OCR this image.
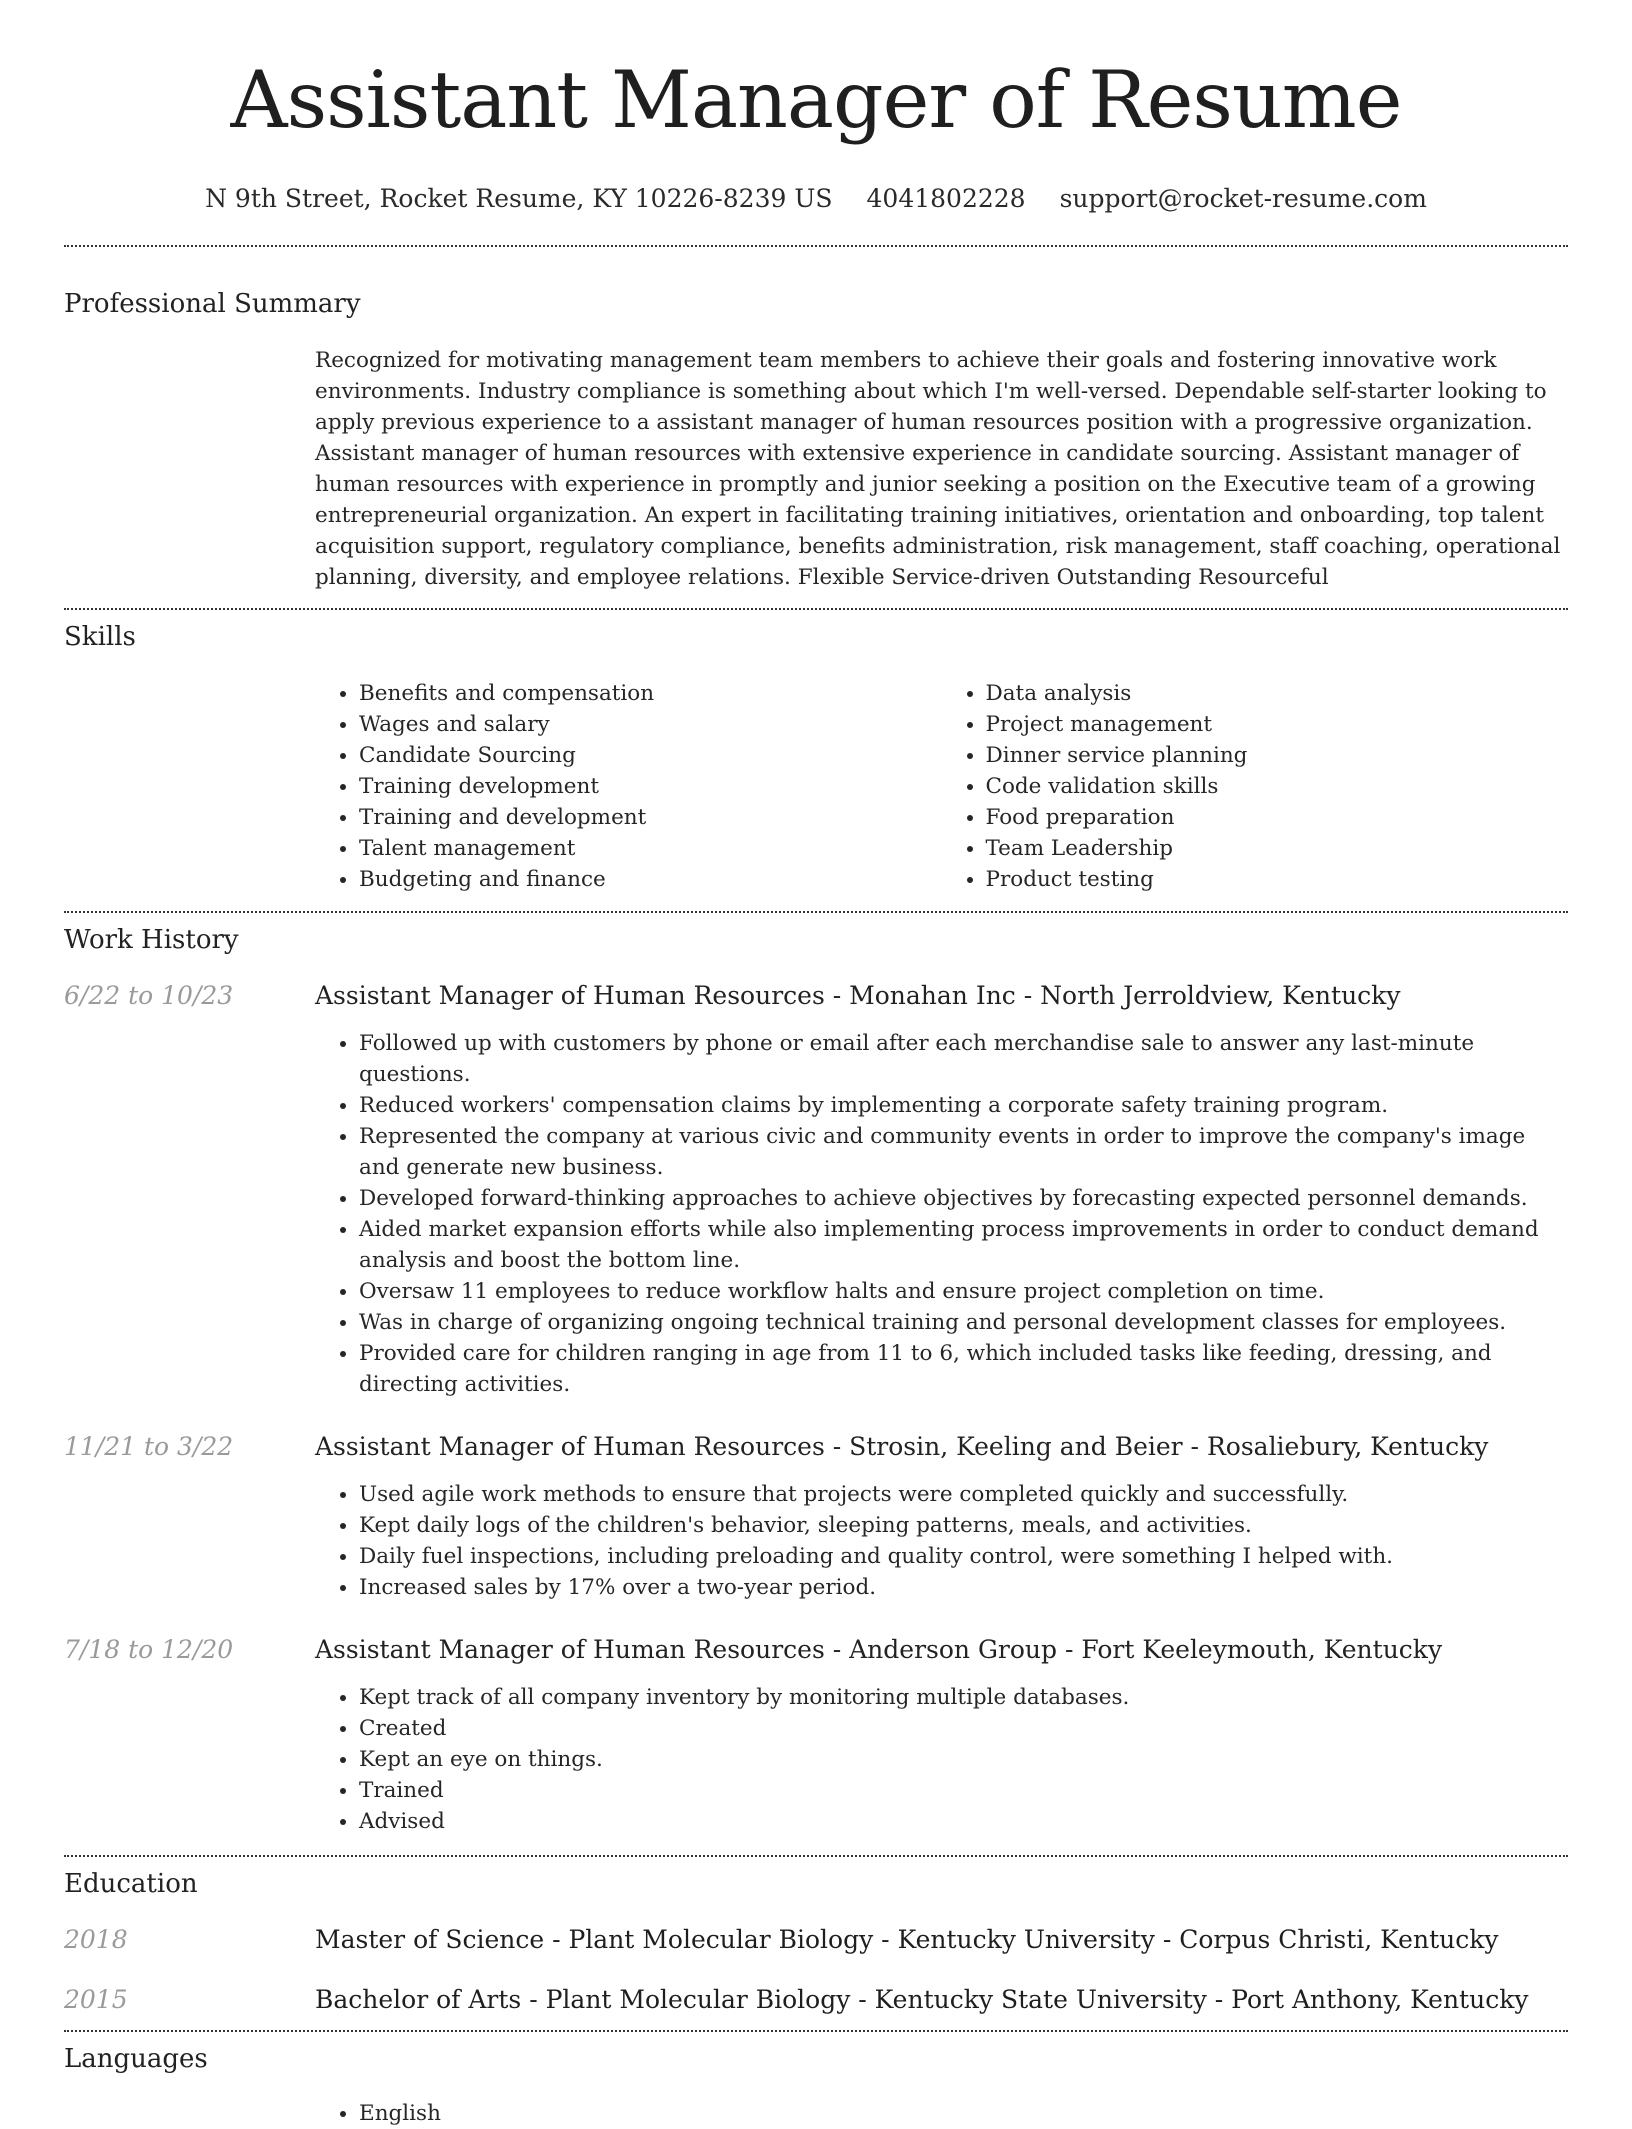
Assistant Manager of Resume
N 9th Street, Rocket Resume, KY 10226-8239 US 4041802228 support@rocket-resume.com
Professional Summary

Recognized for motivating management team members to achieve their goals and fostering innovative work environments. Industry compliance is something about which I'm well-versed. Dependable self-starter looking to apply previous experience to a assistant manager of human resources position with a progressive organization. Assistant manager of human resources with extensive experience in candidate sourcing. Assistant manager of human resources with experience in promptly and junior seeking a position on the Executive team of a growing entrepreneurial organization. An expert in facilitating training initiatives, orientation and onboarding, top talent acquisition support, regulatory compliance, benefits administration, risk management, staff coaching, operational planning, diversity, and employee relations. Flexible Service-driven Outstanding Resourceful

Skills
• Benefits and compensation
• Wages and salary
• Candidate Sourcing
• Training development
• Training and development
• Talent management
• Budgeting and finance
• Data analysis
• Project management
• Dinner service planning
• Code validation skills
• Food preparation
• Team Leadership
• Product testing
Work History
6/22 to 10/23	Assistant Manager of Human Resources - Monahan Inc - North Jerroldview, Kentucky
• Followed up with customers by phone or email after each merchandise sale to answer any last-minute questions.
• Reduced workers' compensation claims by implementing a corporate safety training program.
• Represented the company at various civic and community events in order to improve the company's image and generate new business.
• Developed forward-thinking approaches to achieve objectives by forecasting expected personnel demands.
• Aided market expansion efforts while also implementing process improvements in order to conduct demand analysis and boost the bottom line.
• Oversaw 11 employees to reduce workflow halts and ensure project completion on time.
• Was in charge of organizing ongoing technical training and personal development classes for employees.
• Provided care for children ranging in age from 11 to 6, which included tasks like feeding, dressing, and directing activities.
11/21 to 3/22	Assistant Manager of Human Resources - Strosin, Keeling and Beier - Rosaliebury, Kentucky
• Used agile work methods to ensure that projects were completed quickly and successfully.
• Kept daily logs of the children's behavior, sleeping patterns, meals, and activities.
• Daily fuel inspections, including preloading and quality control, were something I helped with.
• Increased sales by 17% over a two-year period.
7/18 to 12/20	Assistant Manager of Human Resources - Anderson Group - Fort Keeleymouth, Kentucky
• Kept track of all company inventory by monitoring multiple databases.
• Created
• Kept an eye on things.
• Trained
• Advised
Education
2018	Master of Science - Plant Molecular Biology - Kentucky University - Corpus Christi, Kentucky
2015	Bachelor of Arts - Plant Molecular Biology - Kentucky State University - Port Anthony, Kentucky
Languages
• English
